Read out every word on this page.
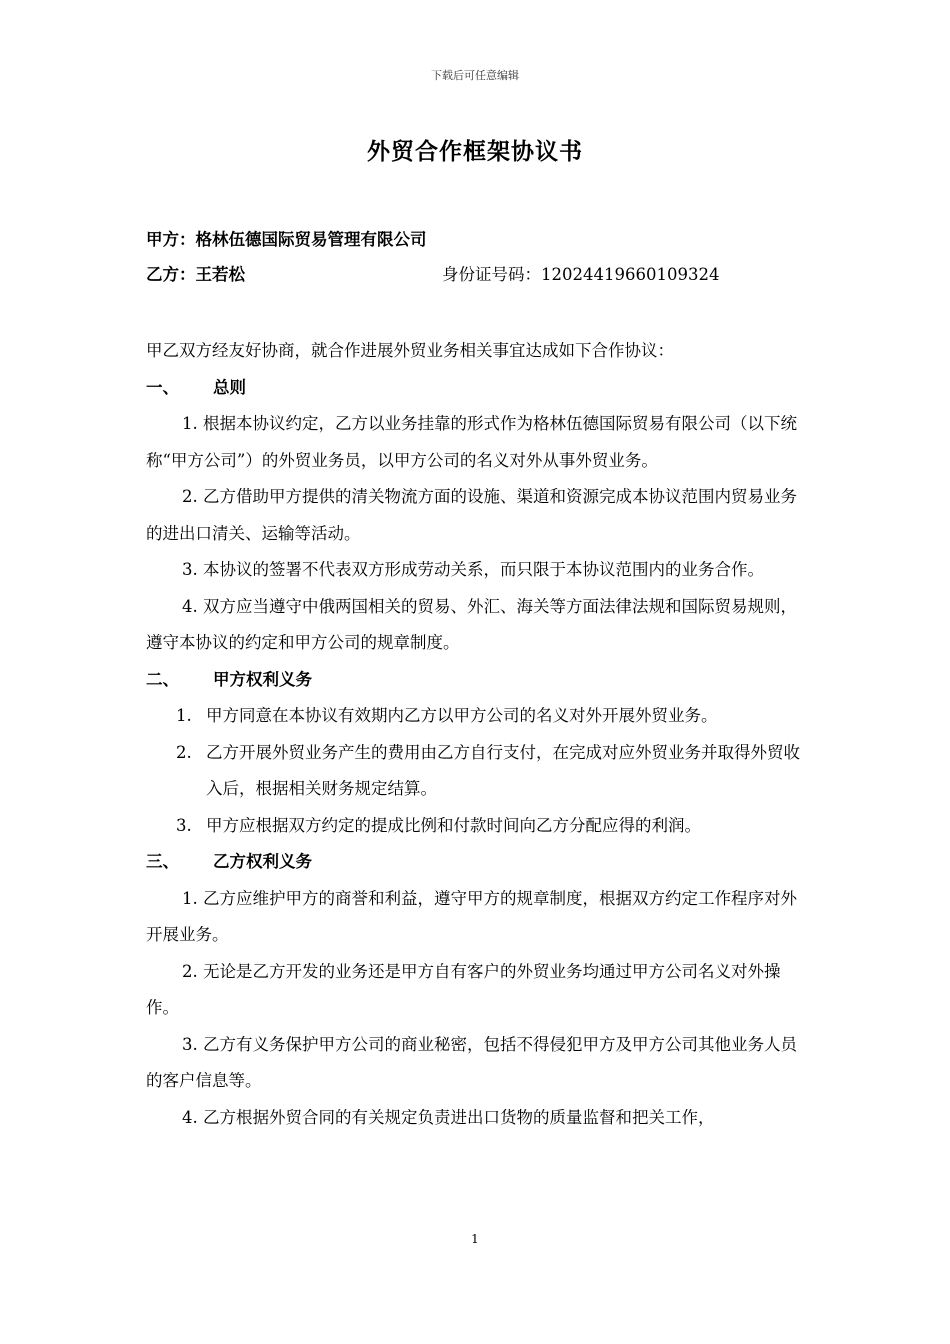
下载后可任意编辑
外贸合作框架协议书
甲方：格林伍德国际贸易管理有限公司
乙方：王若松	身份证号码：120244196601093​24

甲乙双方经友好协商，就合作进展外贸业务相关事宜达成如下合作协议：

一、 总则

1. 根据本协议约定，乙方以业务挂靠的形式作为格林伍德国际贸易有限公司（以下统称“甲方公司”）的外贸业务员，以甲方公司的名义对外从事外贸业务。

2. 乙方借助甲方提供的清关物流方面的设施、渠道和资源完成本协议范围内贸易业务的进出口清关、运输等活动。

3. 本协议的签署不代表双方形成劳动关系，而只限于本协议范围内的业务合作。

4. 双方应当遵守中俄两国相关的贸易、外汇、海关等方面法律法规和国际贸易规则，遵守本协议的约定和甲方公司的规章制度。

二、 甲方权利义务

1. 甲方同意在本协议有效期内乙方以甲方公司的名义对外开展外贸业务。

2. 乙方开展外贸业务产生的费用由乙方自行支付，在完成对应外贸业务并取得外贸收入后，根据相关财务规定结算。

3. 甲方应根据双方约定的提成比例和付款时间向乙方分配应得的利润。

三、 乙方权利义务

1. 乙方应维护甲方的商誉和利益，遵守甲方的规章制度，根据双方约定工作程序对外开展业务。

2. 无论是乙方开发的业务还是甲方自有客户的外贸业务均通过甲方公司名义对外操作。

3. 乙方有义务保护甲方公司的商业秘密，包括不得侵犯甲方及甲方公司其他业务人员的客户信息等。

4. 乙方根据外贸合同的有关规定负责进出口货物的质量监督和把关工作，

1
